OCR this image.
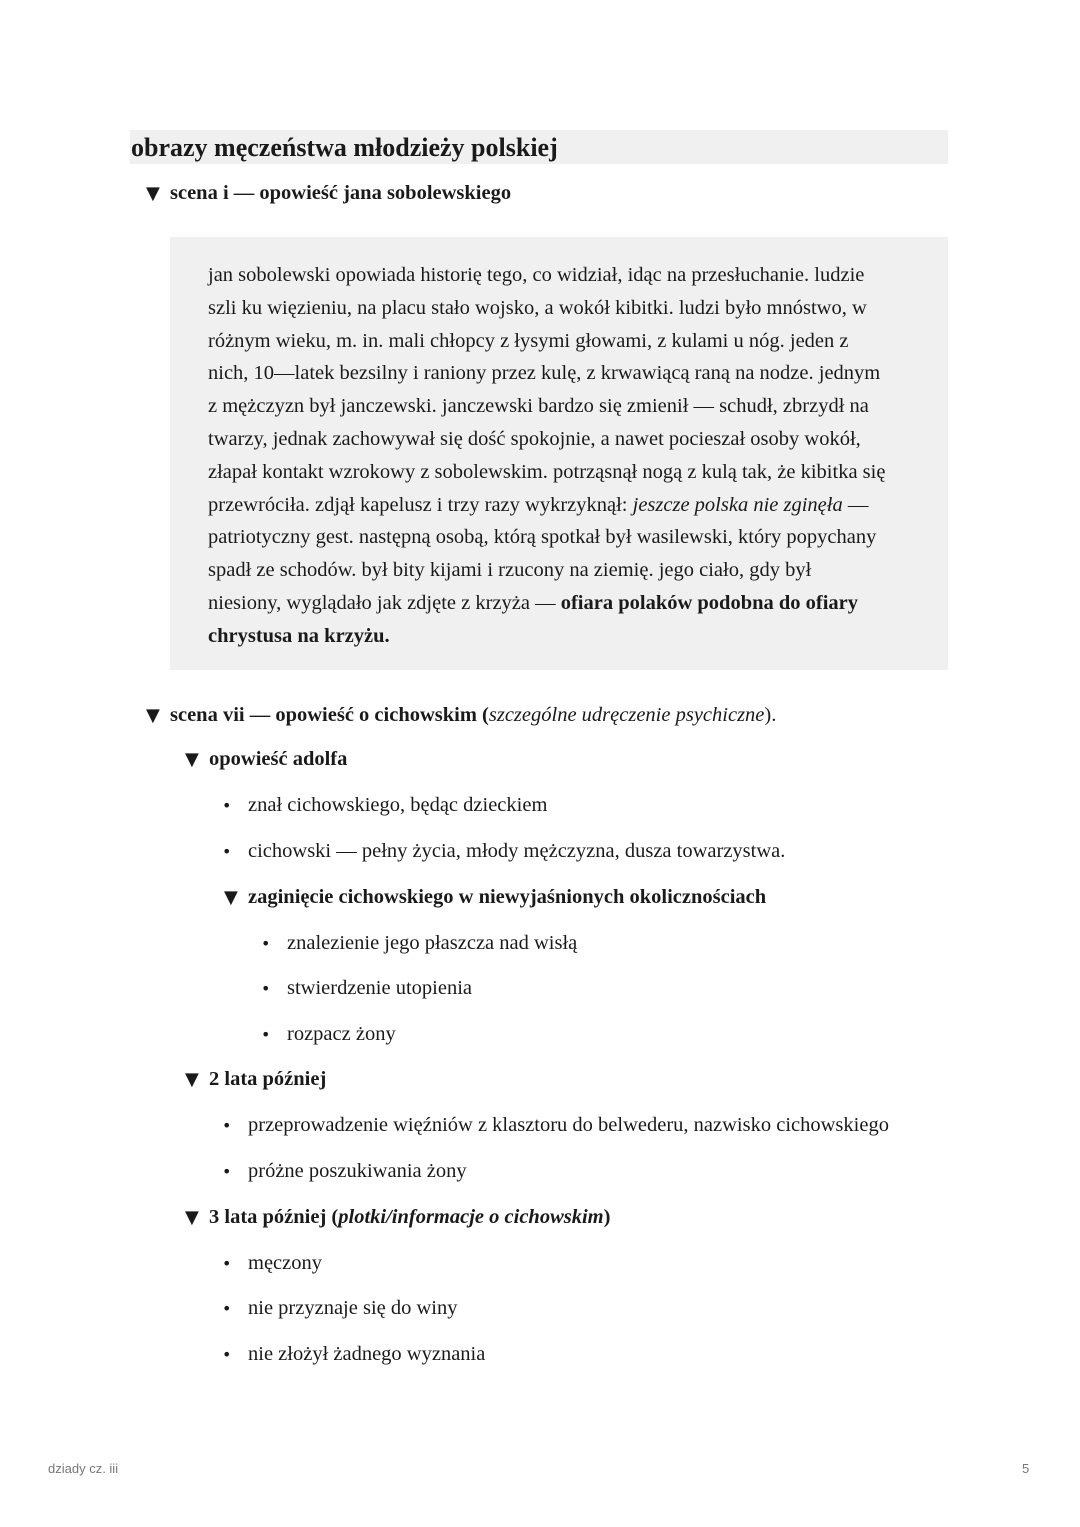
obrazy męczeństwa młodzieży polskiej
▼ scena i — opowieść jana sobolewskiego
jan sobolewski opowiada historię tego, co widział, idąc na przesłuchanie. ludzie
szli ku więzieniu, na placu stało wojsko, a wokół kibitki. ludzi było mnóstwo, w
różnym wieku, m. in. mali chłopcy z łysymi głowami, z kulami u nóg. jeden z
nich, 10—latek bezsilny i raniony przez kulę, z krwawiącą raną na nodze. jednym
z mężczyzn był janczewski. janczewski bardzo się zmienił — schudł, zbrzydł na
twarzy, jednak zachowywał się dość spokojnie, a nawet pocieszał osoby wokół,
złapał kontakt wzrokowy z sobolewskim. potrząsnął nogą z kulą tak, że kibitka się
przewróciła. zdjął kapelusz i trzy razy wykrzyknął: jeszcze polska nie zginęła —
patriotyczny gest. następną osobą, którą spotkał był wasilewski, który popychany
spadł ze schodów. był bity kijami i rzucony na ziemię. jego ciało, gdy był
niesiony, wyglądało jak zdjęte z krzyża — ofiara polaków podobna do ofiary
chrystusa na krzyżu.
▼ scena vii — opowieść o cichowskim (szczególne udręczenie psychiczne).
▼ opowieść adolfa
• znał cichowskiego, będąc dzieckiem
• cichowski — pełny życia, młody mężczyzna, dusza towarzystwa.
▼ zaginięcie cichowskiego w niewyjaśnionych okolicznościach
• znalezienie jego płaszcza nad wisłą
• stwierdzenie utopienia
• rozpacz żony
▼ 2 lata później
• przeprowadzenie więźniów z klasztoru do belwederu, nazwisko cichowskiego
• próżne poszukiwania żony
▼ 3 lata później (plotki/informacje o cichowskim)
• męczony
• nie przyznaje się do winy
• nie złożył żadnego wyznania
dziady cz. iii	5
